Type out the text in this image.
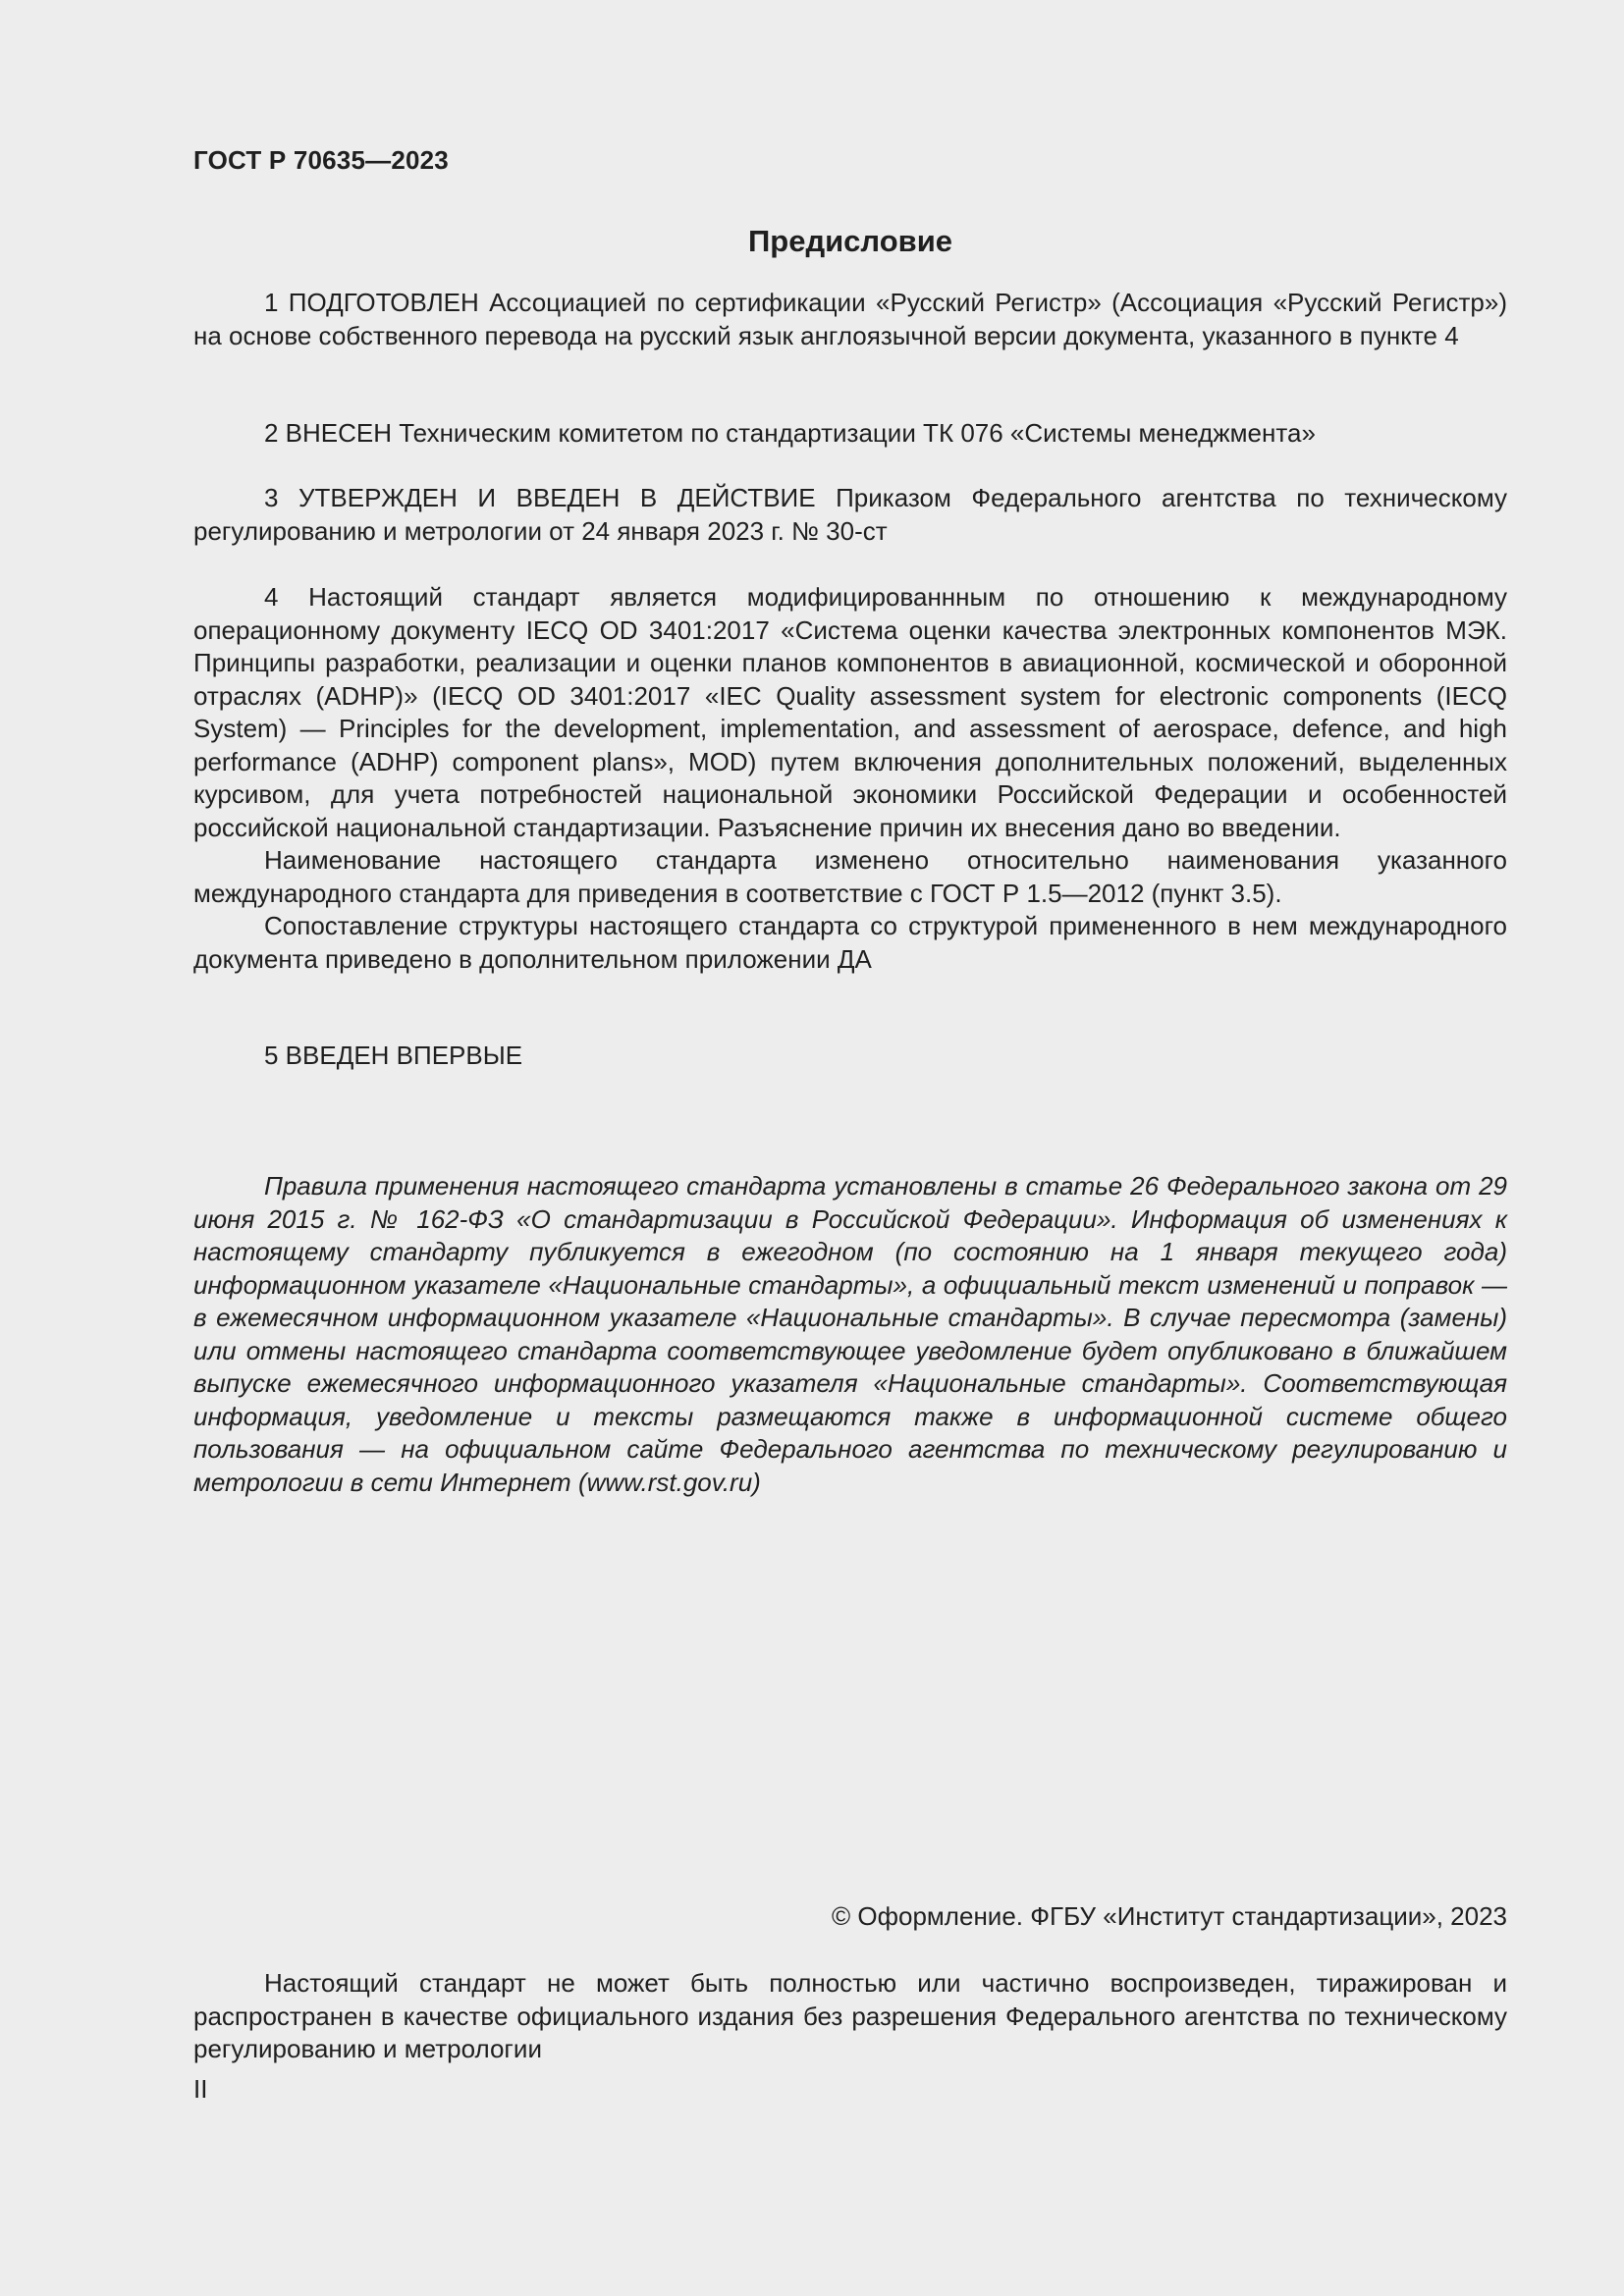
ГОСТ Р 70635—2023
Предисловие

1 ПОДГОТОВЛЕН Ассоциацией по сертификации «Русский Регистр» (Ассоциация «Русский Регистр») на основе собственного перевода на русский язык англоязычной версии документа, указанного в пункте 4

2 ВНЕСЕН Техническим комитетом по стандартизации ТК 076 «Системы менеджмента»

3 УТВЕРЖДЕН И ВВЕДЕН В ДЕЙСТВИЕ Приказом Федерального агентства по техническому регулированию и метрологии от 24 января 2023 г. № 30-ст

4 Настоящий стандарт является модифицированнным по отношению к международному операционному документу IECQ OD 3401:2017 «Система оценки качества электронных компонентов МЭК. Принципы разработки, реализации и оценки планов компонентов в авиационной, космической и оборонной отраслях (ADHP)» (IECQ OD 3401:2017 «IEC Quality assessment system for electronic components (IECQ System) — Principles for the development, implementation, and assessment of aerospace, defence, and high performance (ADHP) component plans», MOD) путем включения дополнительных положений, выделенных курсивом, для учета потребностей национальной экономики Российской Федерации и особенностей российской национальной стандартизации. Разъяснение причин их внесения дано во введении.

Наименование настоящего стандарта изменено относительно наименования указанного международного стандарта для приведения в соответствие с ГОСТ Р 1.5—2012 (пункт 3.5).

Сопоставление структуры настоящего стандарта со структурой примененного в нем международного документа приведено в дополнительном приложении ДА

5 ВВЕДЕН ВПЕРВЫЕ

Правила применения настоящего стандарта установлены в статье 26 Федерального закона от 29 июня 2015 г. № 162-ФЗ «О стандартизации в Российской Федерации». Информация об изменениях к настоящему стандарту публикуется в ежегодном (по состоянию на 1 января текущего года) информационном указателе «Национальные стандарты», а официальный текст изменений и поправок — в ежемесячном информационном указателе «Национальные стандарты». В случае пересмотра (замены) или отмены настоящего стандарта соответствующее уведомление будет опубликовано в ближайшем выпуске ежемесячного информационного указателя «Национальные стандарты». Соответствующая информация, уведомление и тексты размещаются также в информационной системе общего пользования — на официальном сайте Федерального агентства по техническому регулированию и метрологии в сети Интернет (www.rst.gov.ru)

© Оформление. ФГБУ «Институт стандартизации», 2023

Настоящий стандарт не может быть полностью или частично воспроизведен, тиражирован и распространен в качестве официального издания без разрешения Федерального агентства по техническому регулированию и метрологии

II
